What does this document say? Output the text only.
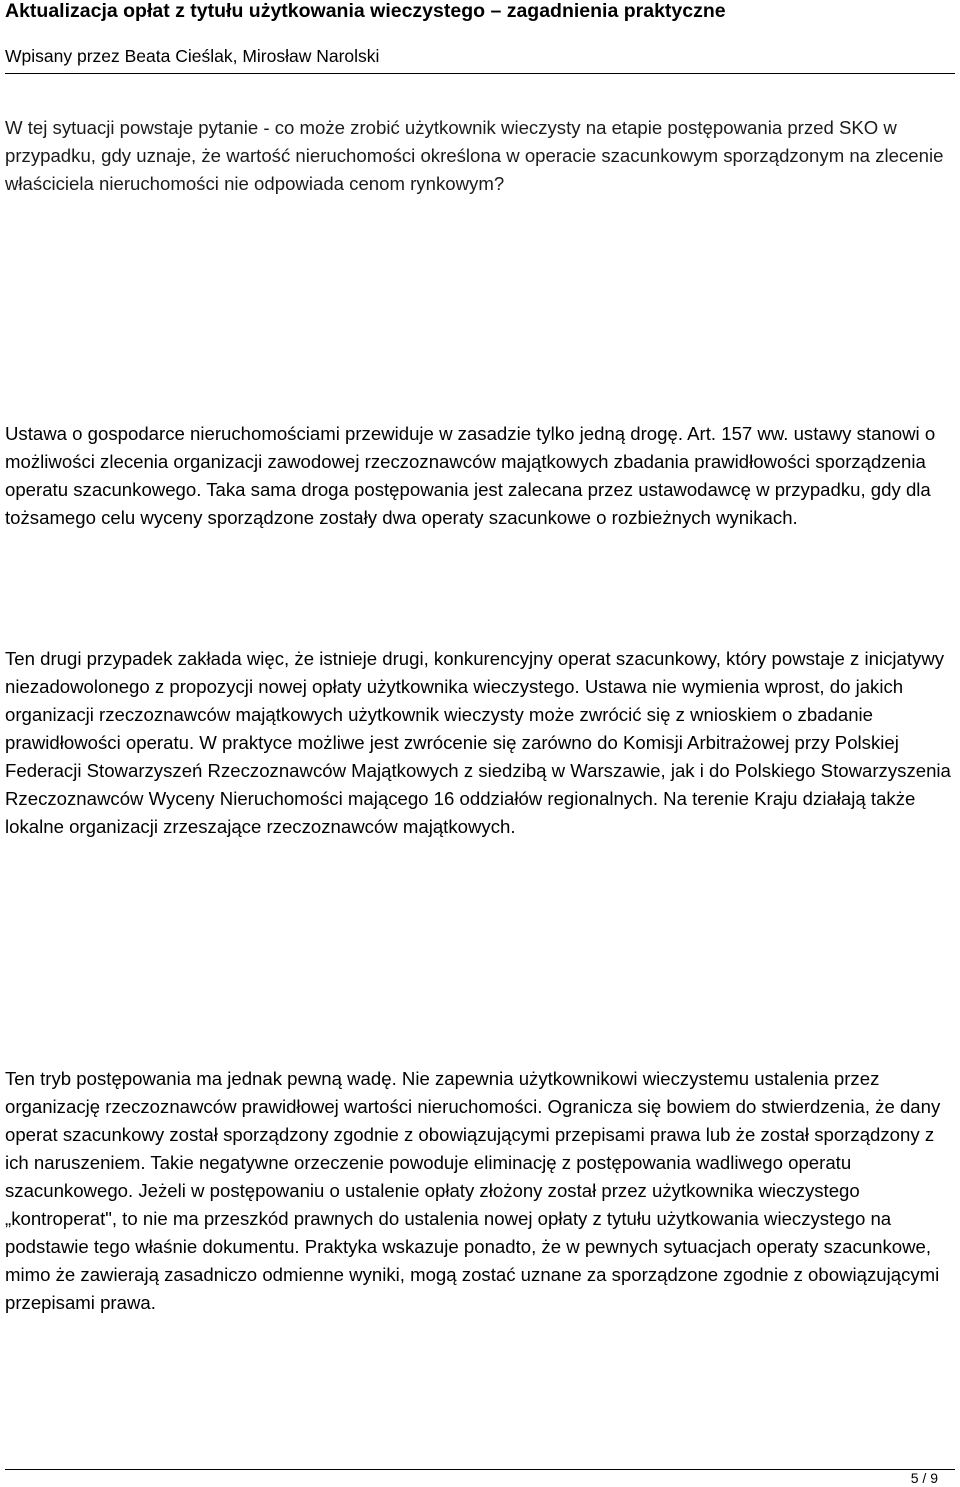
Aktualizacja opłat z tytułu użytkowania wieczystego – zagadnienia praktyczne
Wpisany przez Beata Cieślak, Mirosław Narolski

W tej sytuacji powstaje pytanie - co może zrobić użytkownik wieczysty na etapie postępowania przed SKO w przypadku, gdy uznaje, że wartość nieruchomości określona w operacie szacunkowym sporządzonym na zlecenie właściciela nieruchomości nie odpowiada cenom rynkowym?

Ustawa o gospodarce nieruchomościami przewiduje w zasadzie tylko jedną drogę. Art. 157 ww. ustawy stanowi o możliwości zlecenia organizacji zawodowej rzeczoznawców majątkowych zbadania prawidłowości sporządzenia operatu szacunkowego. Taka sama droga postępowania jest zalecana przez ustawodawcę w przypadku, gdy dla tożsamego celu wyceny sporządzone zostały dwa operaty szacunkowe o rozbieżnych wynikach.

Ten drugi przypadek zakłada więc, że istnieje drugi, konkurencyjny operat szacunkowy, który powstaje z inicjatywy niezadowolonego z propozycji nowej opłaty użytkownika wieczystego. Ustawa nie wymienia wprost, do jakich organizacji rzeczoznawców majątkowych użytkownik wieczysty może zwrócić się z wnioskiem o zbadanie prawidłowości operatu. W praktyce możliwe jest zwrócenie się zarówno do Komisji Arbitrażowej przy Polskiej Federacji Stowarzyszeń Rzeczoznawców Majątkowych z siedzibą w Warszawie, jak i do Polskiego Stowarzyszenia Rzeczoznawców Wyceny Nieruchomości mającego 16 oddziałów regionalnych. Na terenie Kraju działają także lokalne organizacji zrzeszające rzeczoznawców majątkowych.

Ten tryb postępowania ma jednak pewną wadę. Nie zapewnia użytkownikowi wieczystemu ustalenia przez organizację rzeczoznawców prawidłowej wartości nieruchomości. Ogranicza się bowiem do stwierdzenia, że dany operat szacunkowy został sporządzony zgodnie z obowiązującymi przepisami prawa lub że został sporządzony z ich naruszeniem. Takie negatywne orzeczenie powoduje eliminację z postępowania wadliwego operatu szacunkowego. Jeżeli w postępowaniu o ustalenie opłaty złożony został przez użytkownika wieczystego „kontroperat", to nie ma przeszkód prawnych do ustalenia nowej opłaty z tytułu użytkowania wieczystego na podstawie tego właśnie dokumentu. Praktyka wskazuje ponadto, że w pewnych sytuacjach operaty szacunkowe, mimo że zawierają zasadniczo odmienne wyniki, mogą zostać uznane za sporządzone zgodnie z obowiązującymi przepisami prawa.

5 / 9
